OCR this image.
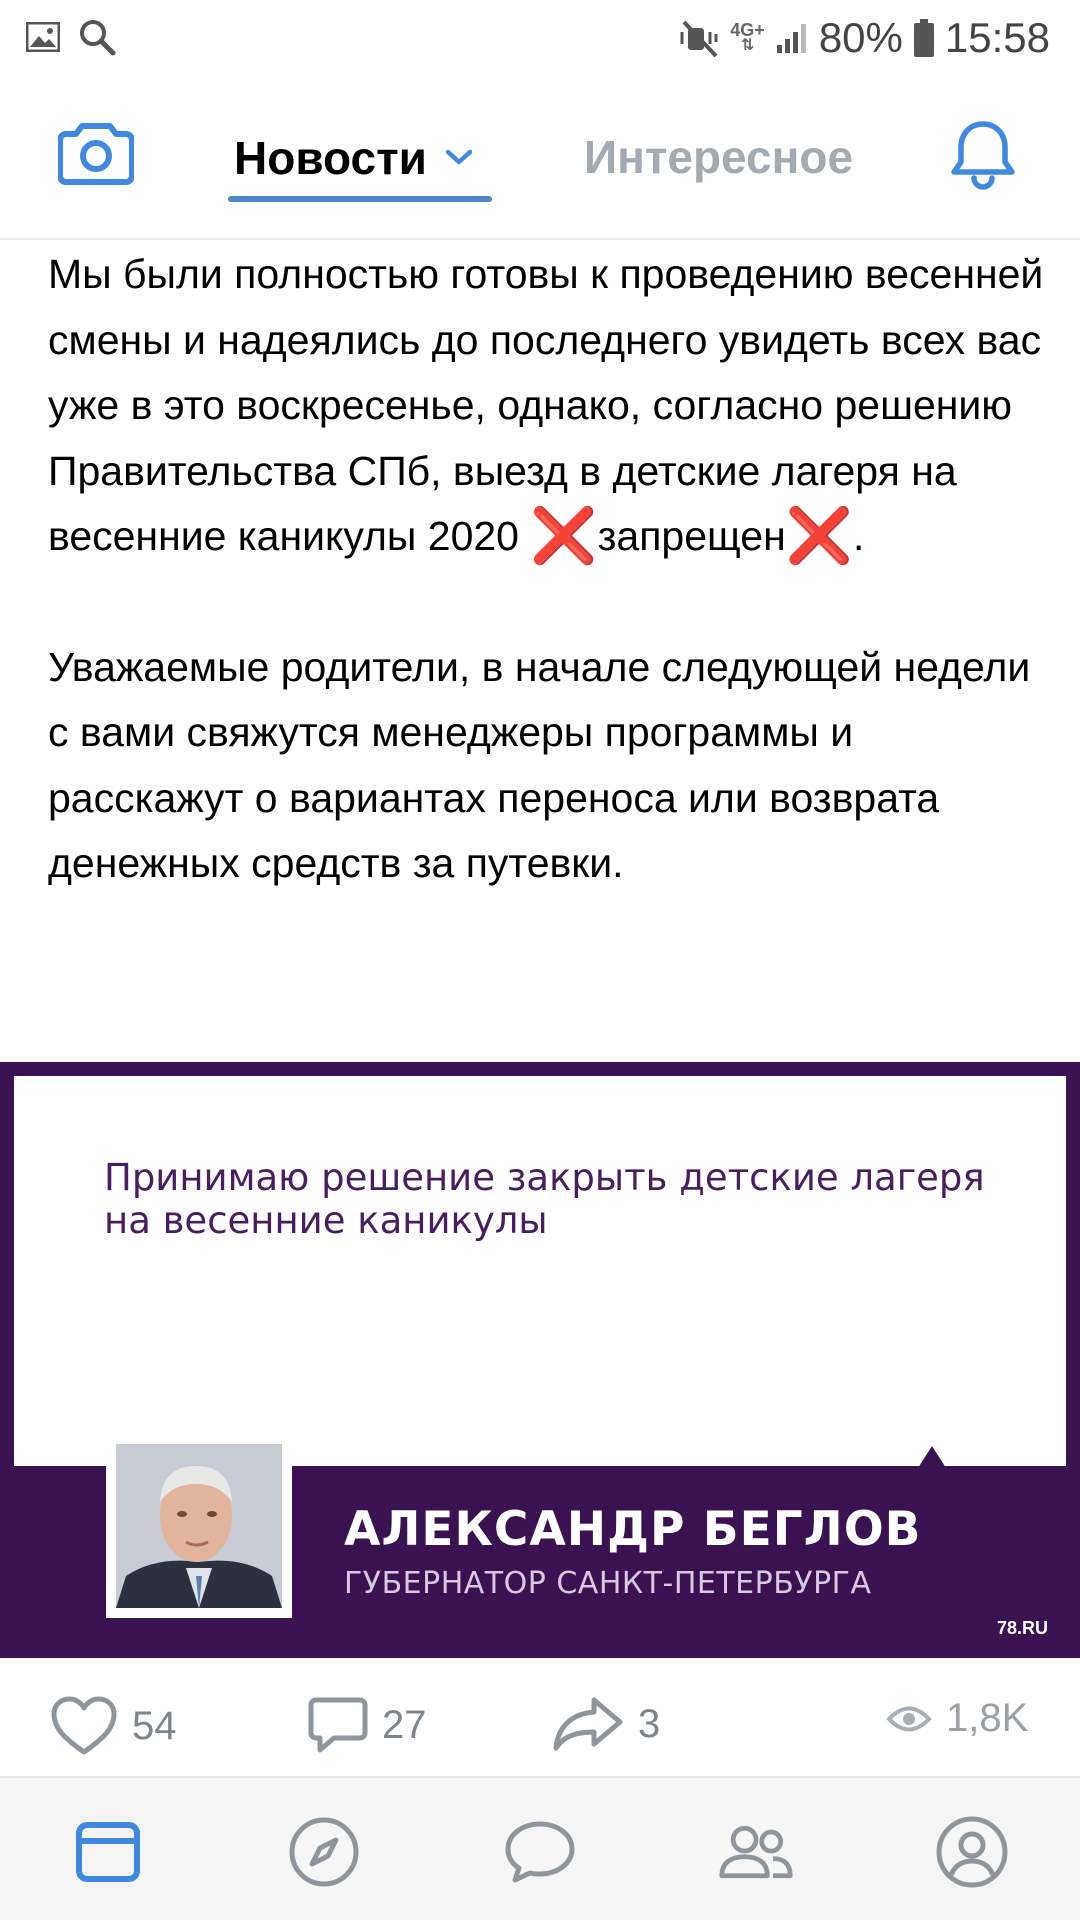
4G+
⇅ 80% 15:58
Новости	Интересное

Мы были полностью готовы к проведению весенней смены и надеялись до последнего увидеть всех вас уже в это воскресенье, однако, согласно решению Правительства СПб, выезд в детские лагеря на весенние каникулы 2020 ❌запрещен❌.

Уважаемые родители, в начале следующей недели с вами свяжутся менеджеры программы и расскажут о вариантах переноса или возврата денежных средств за путевки.

Принимаю решение закрыть детские лагеря на весенние каникулы
АЛЕКСАНДР БЕГЛОВ
ГУБЕРНАТОР САНКТ-ПЕТЕРБУРГА
78.RU
54	27	3	1,8K
